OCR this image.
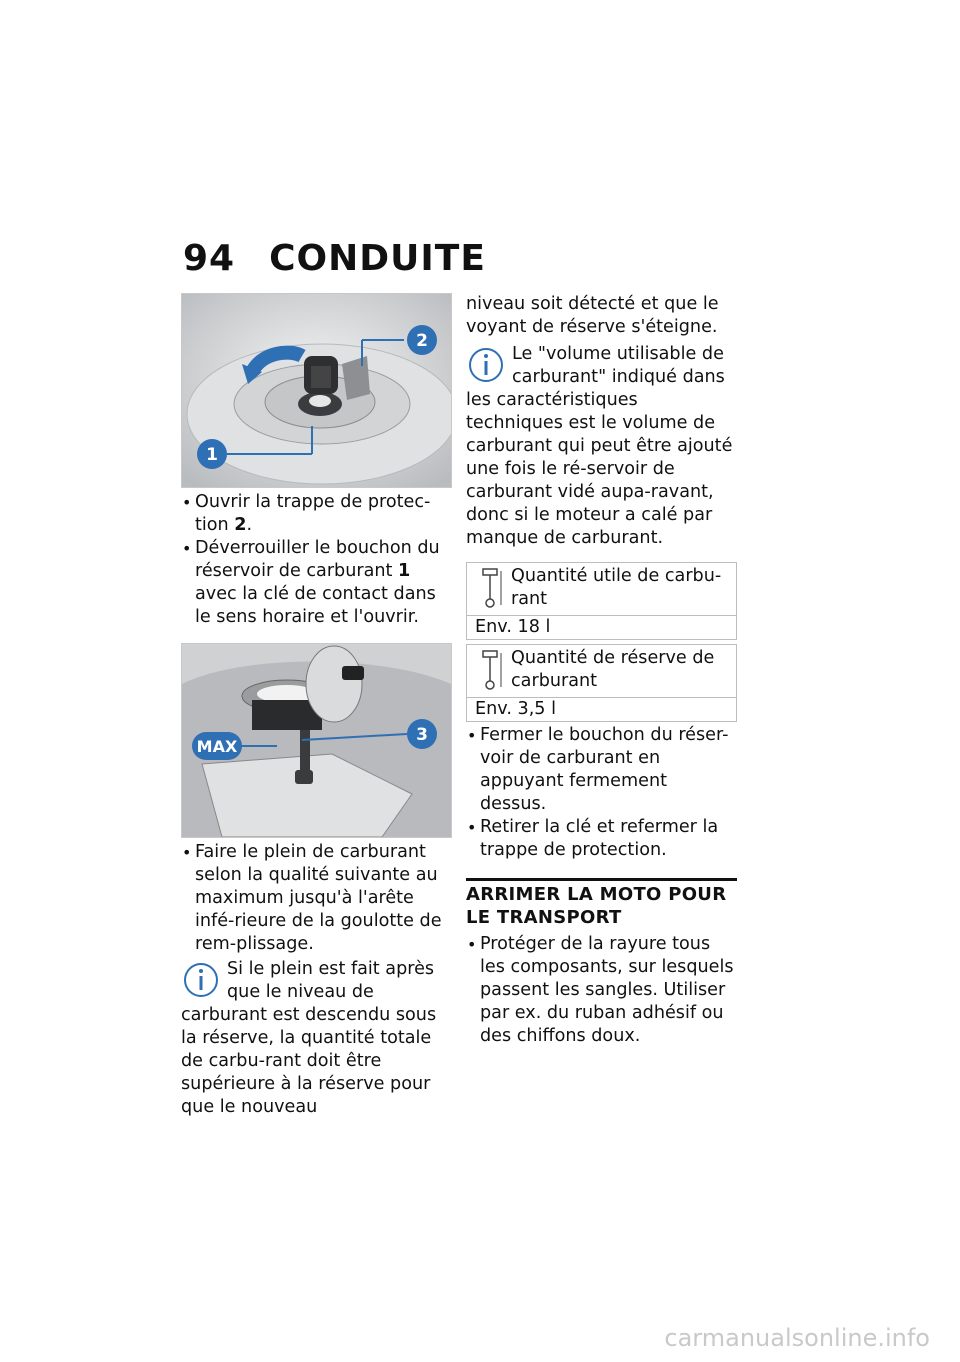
94 CONDUITE
2
1
• Ouvrir la trappe de protec-tion 2.
• Déverrouiller le bouchon du réservoir de carburant 1 avec la clé de contact dans le sens horaire et l'ouvrir.
MAX
3
• Faire le plein de carburant selon la qualité suivante au maximum jusqu'à l'arête infé-rieure de la goulotte de rem-plissage.
Si le plein est fait après que le niveau de carburant est descendu sous la réserve, la quantité totale de carbu-rant doit être supérieure à la réserve pour que le nouveau
niveau soit détecté et que le voyant de réserve s'éteigne.
Le "volume utilisable de carburant" indiqué dans les caractéristiques techniques est le volume de carburant qui peut être ajouté une fois le ré-servoir de carburant vidé aupa-ravant, donc si le moteur a calé par manque de carburant.
Quantité utile de carbu-rant
Env. 18 l
Quantité de réserve de carburant
Env. 3,5 l
• Fermer le bouchon du réser-voir de carburant en appuyant fermement dessus.
• Retirer la clé et refermer la trappe de protection.
ARRIMER LA MOTO POUR LE TRANSPORT
• Protéger de la rayure tous les composants, sur lesquels passent les sangles. Utiliser par ex. du ruban adhésif ou des chiffons doux.
carmanualsonline.info
